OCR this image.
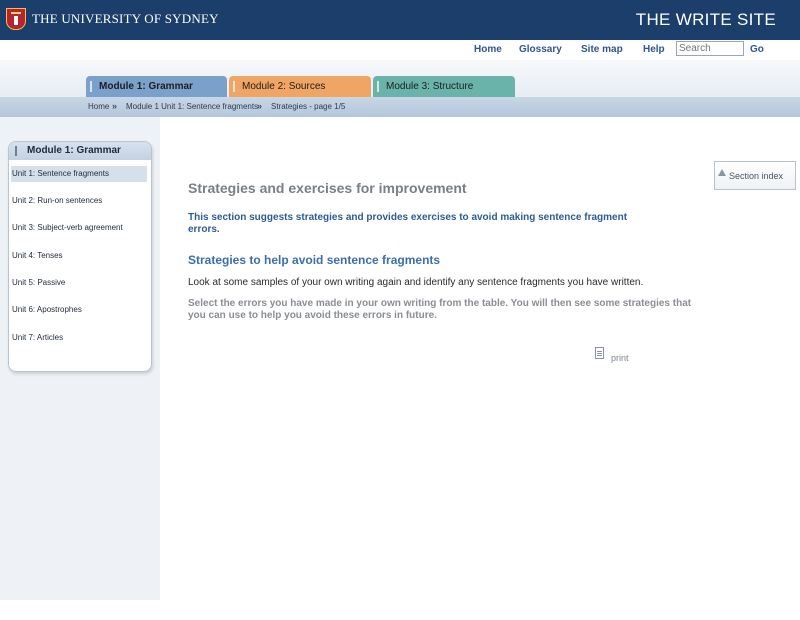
THE UNIVERSITY OF SYDNEY	THE WRITE SITE
Home Glossary Site map Help	Go
Search
Module 1: Grammar	Module 2: Sources	Module 3: Structure
Home » Module 1 Unit 1: Sentence fragments
» Strategies - page 1/5
Module 1: Grammar
Unit 1: Sentence fragments
Unit 2: Run-on sentences
Unit 3: Subject-verb agreement
Unit 4: Tenses
Unit 5: Passive
Unit 6: Apostrophes
Unit 7: Articles
Section index
Strategies and exercises for improvement
This section suggests strategies and provides exercises to avoid making sentence fragment errors.
Strategies to help avoid sentence fragments
Look at some samples of your own writing again and identify any sentence fragments you have written.
Select the errors you have made in your own writing from the table. You will then see some strategies that you can use to help you avoid these errors in future.
print
